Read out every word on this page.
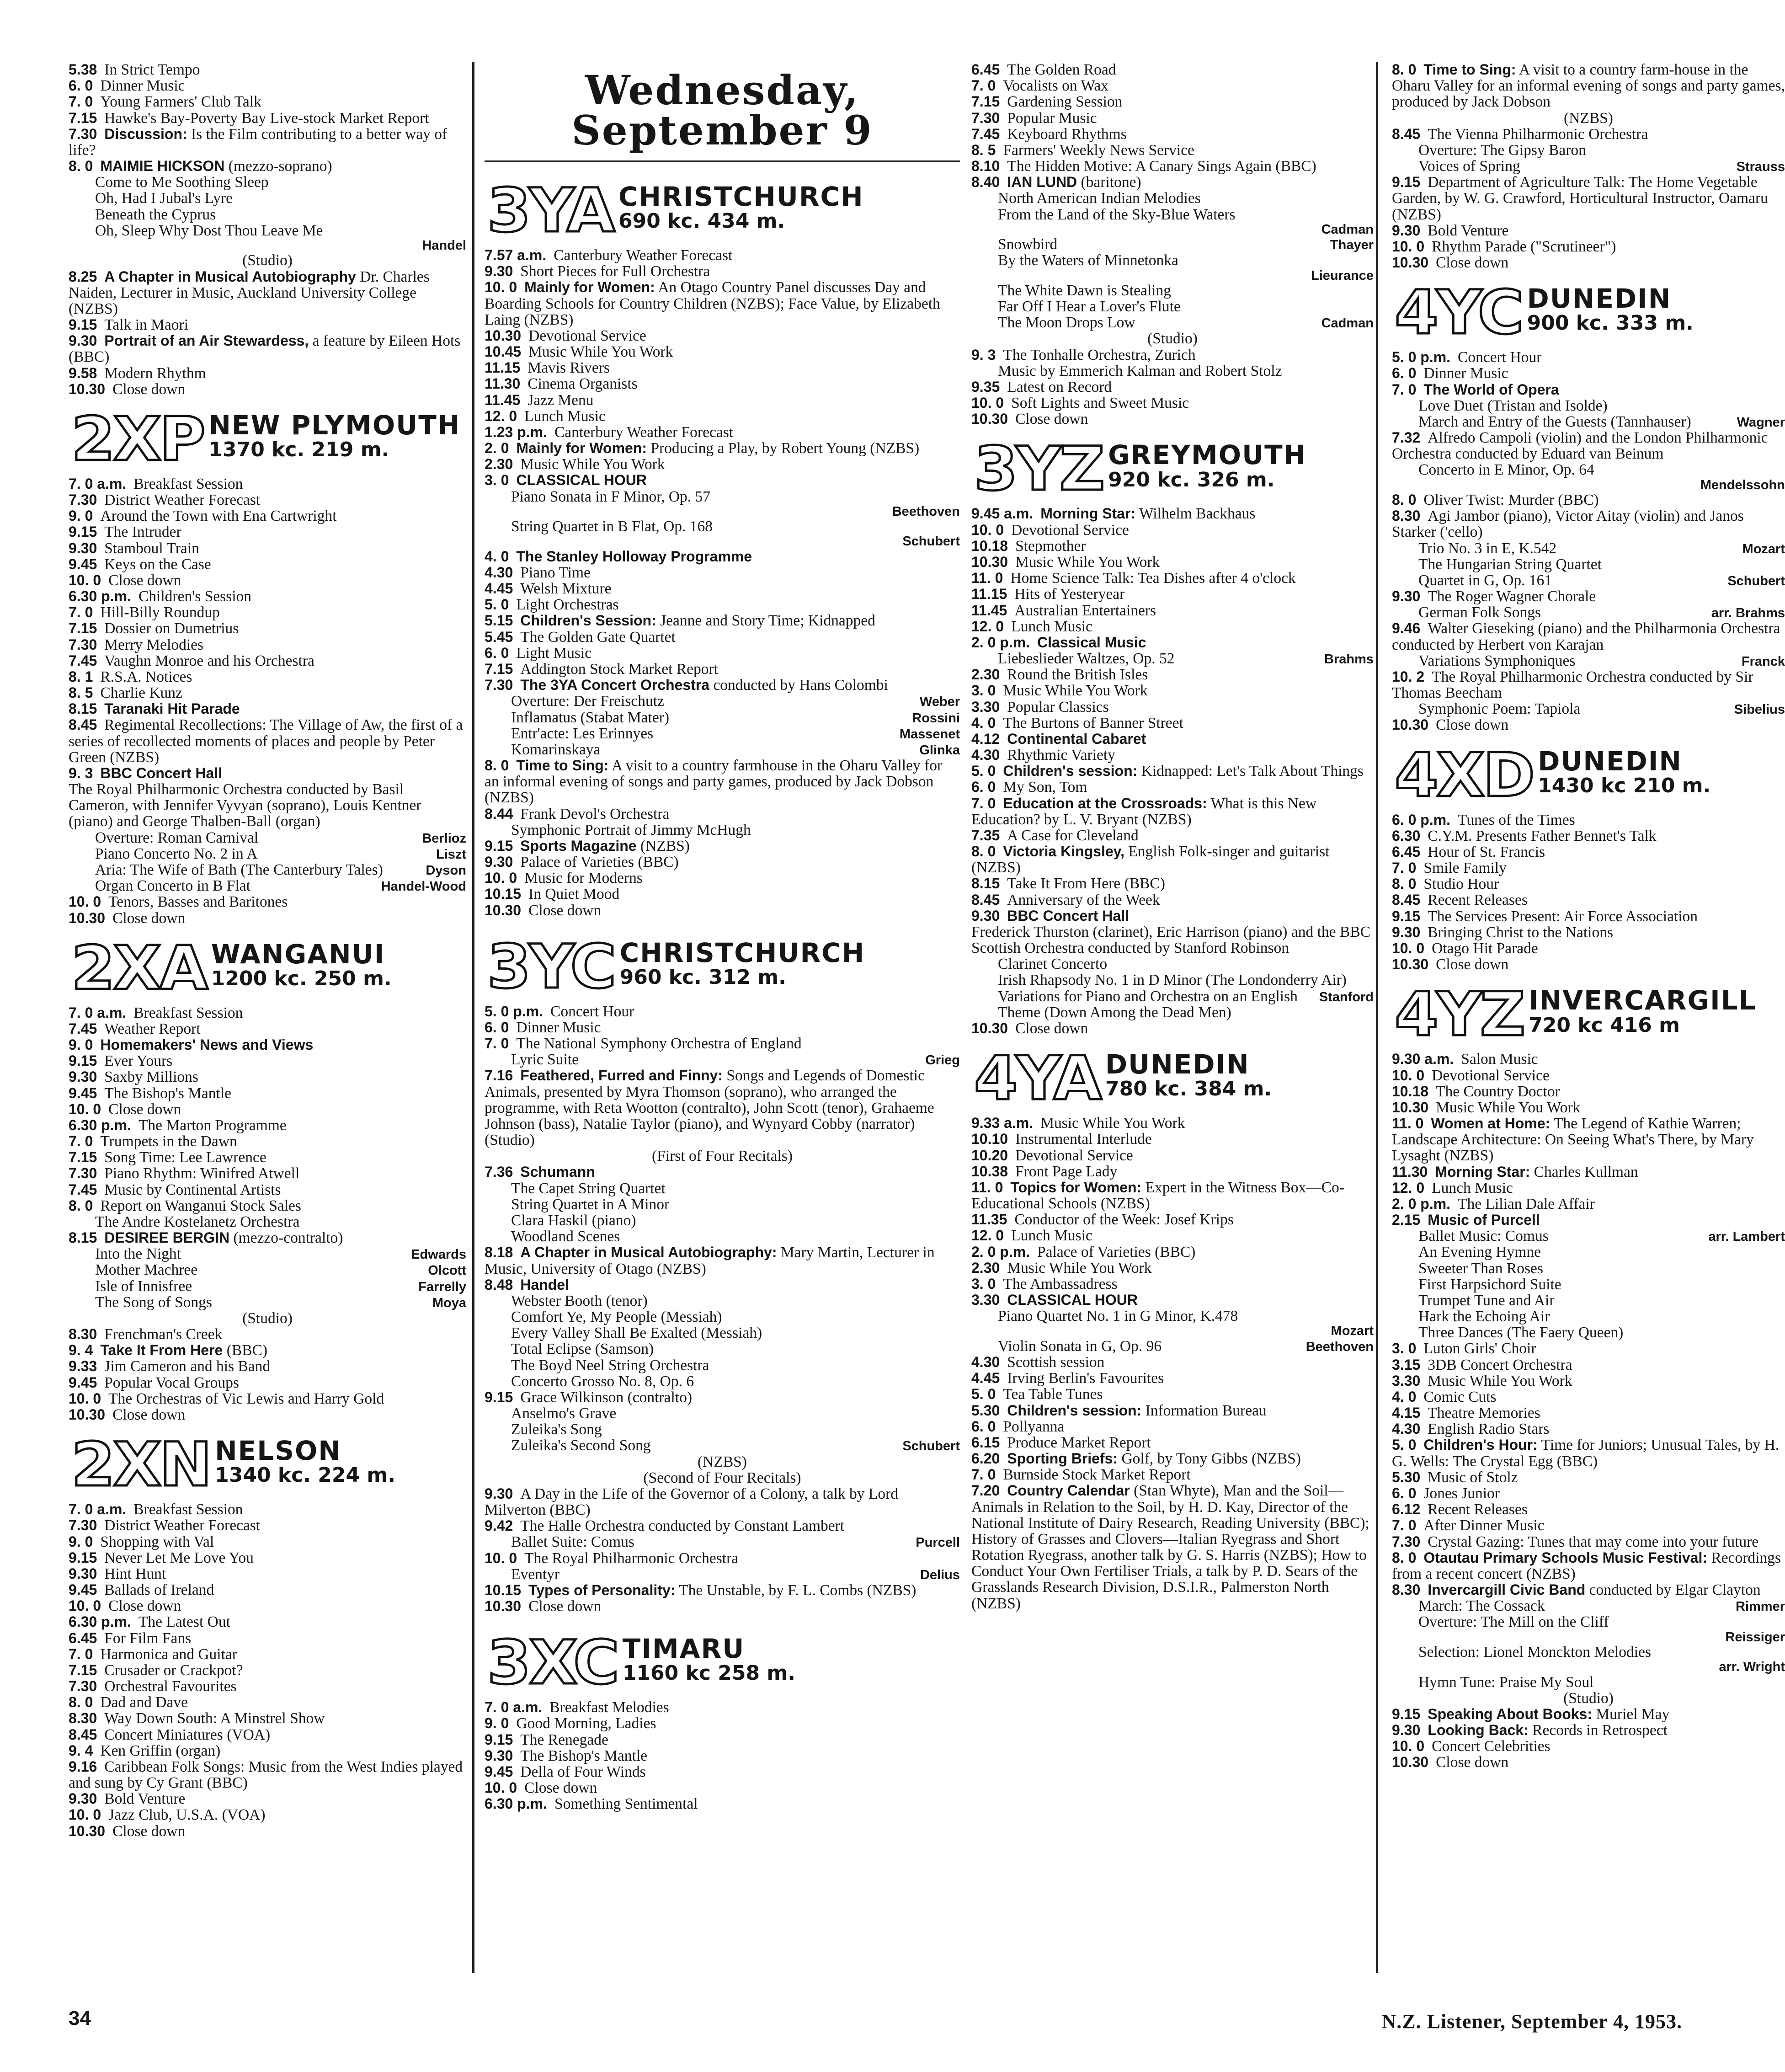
5.38 In Strict Tempo
6. 0 Dinner Music
7. 0 Young Farmers' Club Talk
7.15 Hawke's Bay-Poverty Bay Live-stock Market Report
7.30 Discussion: Is the Film contributing to a better way of life?
8. 0 MAIMIE HICKSON (mezzo-soprano)
Come to Me Soothing Sleep
Oh, Had I Jubal's Lyre
Beneath the Cyprus
Oh, Sleep Why Dost Thou Leave Me
Handel
(Studio)
8.25 A Chapter in Musical Autobiography Dr. Charles Naiden, Lecturer in Music, Auckland University College (NZBS)
9.15 Talk in Maori
9.30 Portrait of an Air Stewardess, a feature by Eileen Hots (BBC)
9.58 Modern Rhythm
10.30 Close down
2XP NEW PLYMOUTH
1370 kc. 219 m.
7. 0 a.m. Breakfast Session
7.30 District Weather Forecast
9. 0 Around the Town with Ena Cartwright
9.15 The Intruder
9.30 Stamboul Train
9.45 Keys on the Case
10. 0 Close down
6.30 p.m. Children's Session
7. 0 Hill-Billy Roundup
7.15 Dossier on Dumetrius
7.30 Merry Melodies
7.45 Vaughn Monroe and his Orchestra
8. 1 R.S.A. Notices
8. 5 Charlie Kunz
8.15 Taranaki Hit Parade
8.45 Regimental Recollections: The Village of Aw, the first of a series of recollected moments of places and people by Peter Green (NZBS)
9. 3 BBC Concert Hall
The Royal Philharmonic Orchestra conducted by Basil Cameron, with Jennifer Vyvyan (soprano), Louis Kentner (piano) and George Thalben-Ball (organ)
Berlioz
Overture: Roman Carnival
Liszt
Piano Concerto No. 2 in A
Dyson
Aria: The Wife of Bath (The Canterbury Tales)
Handel-Wood
Organ Concerto in B Flat
10. 0 Tenors, Basses and Baritones
10.30 Close down
2XA WANGANUI
1200 kc. 250 m.
7. 0 a.m. Breakfast Session
7.45 Weather Report
9. 0 Homemakers' News and Views
9.15 Ever Yours
9.30 Saxby Millions
9.45 The Bishop's Mantle
10. 0 Close down
6.30 p.m. The Marton Programme
7. 0 Trumpets in the Dawn
7.15 Song Time: Lee Lawrence
7.30 Piano Rhythm: Winifred Atwell
7.45 Music by Continental Artists
8. 0 Report on Wanganui Stock Sales
The Andre Kostelanetz Orchestra
8.15 DESIREE BERGIN (mezzo-contralto)
Edwards
Into the Night
Olcott
Mother Machree
Farrelly
Isle of Innisfree
Moya
The Song of Songs
(Studio)
8.30 Frenchman's Creek
9. 4 Take It From Here (BBC)
9.33 Jim Cameron and his Band
9.45 Popular Vocal Groups
10. 0 The Orchestras of Vic Lewis and Harry Gold
10.30 Close down
2XN NELSON
1340 kc. 224 m.
7. 0 a.m. Breakfast Session
7.30 District Weather Forecast
9. 0 Shopping with Val
9.15 Never Let Me Love You
9.30 Hint Hunt
9.45 Ballads of Ireland
10. 0 Close down
6.30 p.m. The Latest Out
6.45 For Film Fans
7. 0 Harmonica and Guitar
7.15 Crusader or Crackpot?
7.30 Orchestral Favourites
8. 0 Dad and Dave
8.30 Way Down South: A Minstrel Show
8.45 Concert Miniatures (VOA)
9. 4 Ken Griffin (organ)
9.16 Caribbean Folk Songs: Music from the West Indies played and sung by Cy Grant (BBC)
9.30 Bold Venture
10. 0 Jazz Club, U.S.A. (VOA)
10.30 Close down
Wednesday, September 9
3YA CHRISTCHURCH
690 kc. 434 m.
7.57 a.m. Canterbury Weather Forecast
9.30 Short Pieces for Full Orchestra
10. 0 Mainly for Women: An Otago Country Panel discusses Day and Boarding Schools for Country Children (NZBS); Face Value, by Elizabeth Laing (NZBS)
10.30 Devotional Service
10.45 Music While You Work
11.15 Mavis Rivers
11.30 Cinema Organists
11.45 Jazz Menu
12. 0 Lunch Music
1.23 p.m. Canterbury Weather Forecast
2. 0 Mainly for Women: Producing a Play, by Robert Young (NZBS)
2.30 Music While You Work
3. 0 CLASSICAL HOUR
Piano Sonata in F Minor, Op. 57
Beethoven
String Quartet in B Flat, Op. 168
Schubert
4. 0 The Stanley Holloway Programme
4.30 Piano Time
4.45 Welsh Mixture
5. 0 Light Orchestras
5.15 Children's Session: Jeanne and Story Time; Kidnapped
5.45 The Golden Gate Quartet
6. 0 Light Music
7.15 Addington Stock Market Report
7.30 The 3YA Concert Orchestra conducted by Hans Colombi
Weber
Overture: Der Freischutz
Rossini
Inflamatus (Stabat Mater)
Massenet
Entr'acte: Les Erinnyes
Glinka
Komarinskaya
8. 0 Time to Sing: A visit to a country farmhouse in the Oharu Valley for an informal evening of songs and party games, produced by Jack Dobson (NZBS)
8.44 Frank Devol's Orchestra
Symphonic Portrait of Jimmy McHugh
9.15 Sports Magazine (NZBS)
9.30 Palace of Varieties (BBC)
10. 0 Music for Moderns
10.15 In Quiet Mood
10.30 Close down
3YC CHRISTCHURCH
960 kc. 312 m.
5. 0 p.m. Concert Hour
6. 0 Dinner Music
7. 0 The National Symphony Orchestra of England
Grieg
Lyric Suite
7.16 Feathered, Furred and Finny: Songs and Legends of Domestic Animals, presented by Myra Thomson (soprano), who arranged the programme, with Reta Wootton (contralto), John Scott (tenor), Grahaeme Johnson (bass), Natalie Taylor (piano), and Wynyard Cobby (narrator) (Studio)
(First of Four Recitals)
7.36 Schumann
The Capet String Quartet
String Quartet in A Minor
Clara Haskil (piano)
Woodland Scenes
8.18 A Chapter in Musical Autobiography: Mary Martin, Lecturer in Music, University of Otago (NZBS)
8.48 Handel
Webster Booth (tenor)
Comfort Ye, My People (Messiah)
Every Valley Shall Be Exalted (Messiah)
Total Eclipse (Samson)
The Boyd Neel String Orchestra
Concerto Grosso No. 8, Op. 6
9.15 Grace Wilkinson (contralto)
Anselmo's Grave
Zuleika's Song
Schubert
Zuleika's Second Song
(NZBS)
(Second of Four Recitals)
9.30 A Day in the Life of the Governor of a Colony, a talk by Lord Milverton (BBC)
9.42 The Halle Orchestra conducted by Constant Lambert
Purcell
Ballet Suite: Comus
10. 0 The Royal Philharmonic Orchestra
Delius
Eventyr
10.15 Types of Personality: The Unstable, by F. L. Combs (NZBS)
10.30 Close down
3XC TIMARU
1160 kc 258 m.
7. 0 a.m. Breakfast Melodies
9. 0 Good Morning, Ladies
9.15 The Renegade
9.30 The Bishop's Mantle
9.45 Della of Four Winds
10. 0 Close down
6.30 p.m. Something Sentimental
6.45 The Golden Road
7. 0 Vocalists on Wax
7.15 Gardening Session
7.30 Popular Music
7.45 Keyboard Rhythms
8. 5 Farmers' Weekly News Service
8.10 The Hidden Motive: A Canary Sings Again (BBC)
8.40 IAN LUND (baritone)
North American Indian Melodies
From the Land of the Sky-Blue Waters
Cadman
Thayer
Snowbird
By the Waters of Minnetonka
Lieurance
The White Dawn is Stealing
Far Off I Hear a Lover's Flute
Cadman
The Moon Drops Low
(Studio)
9. 3 The Tonhalle Orchestra, Zurich
Music by Emmerich Kalman and Robert Stolz
9.35 Latest on Record
10. 0 Soft Lights and Sweet Music
10.30 Close down
3YZ GREYMOUTH
920 kc. 326 m.
9.45 a.m. Morning Star: Wilhelm Backhaus
10. 0 Devotional Service
10.18 Stepmother
10.30 Music While You Work
11. 0 Home Science Talk: Tea Dishes after 4 o'clock
11.15 Hits of Yesteryear
11.45 Australian Entertainers
12. 0 Lunch Music
2. 0 p.m. Classical Music
Brahms
Liebeslieder Waltzes, Op. 52
2.30 Round the British Isles
3. 0 Music While You Work
3.30 Popular Classics
4. 0 The Burtons of Banner Street
4.12 Continental Cabaret
4.30 Rhythmic Variety
5. 0 Children's session: Kidnapped: Let's Talk About Things
6. 0 My Son, Tom
7. 0 Education at the Crossroads: What is this New Education? by L. V. Bryant (NZBS)
7.35 A Case for Cleveland
8. 0 Victoria Kingsley, English Folk-singer and guitarist (NZBS)
8.15 Take It From Here (BBC)
8.45 Anniversary of the Week
9.30 BBC Concert Hall
Frederick Thurston (clarinet), Eric Harrison (piano) and the BBC Scottish Orchestra conducted by Stanford Robinson
Clarinet Concerto
Irish Rhapsody No. 1 in D Minor (The Londonderry Air)
Stanford
Variations for Piano and Orchestra on an English Theme (Down Among the Dead Men)
10.30 Close down
4YA DUNEDIN
780 kc. 384 m.
9.33 a.m. Music While You Work
10.10 Instrumental Interlude
10.20 Devotional Service
10.38 Front Page Lady
11. 0 Topics for Women: Expert in the Witness Box—Co-Educational Schools (NZBS)
11.35 Conductor of the Week: Josef Krips
12. 0 Lunch Music
2. 0 p.m. Palace of Varieties (BBC)
2.30 Music While You Work
3. 0 The Ambassadress
3.30 CLASSICAL HOUR
Piano Quartet No. 1 in G Minor, K.478
Mozart
Beethoven
Violin Sonata in G, Op. 96
4.30 Scottish session
4.45 Irving Berlin's Favourites
5. 0 Tea Table Tunes
5.30 Children's session: Information Bureau
6. 0 Pollyanna
6.15 Produce Market Report
6.20 Sporting Briefs: Golf, by Tony Gibbs (NZBS)
7. 0 Burnside Stock Market Report
7.20 Country Calendar (Stan Whyte), Man and the Soil—Animals in Relation to the Soil, by H. D. Kay, Director of the National Institute of Dairy Research, Reading University (BBC); History of Grasses and Clovers—Italian Ryegrass and Short Rotation Ryegrass, another talk by G. S. Harris (NZBS); How to Conduct Your Own Fertiliser Trials, a talk by P. D. Sears of the Grasslands Research Division, D.S.I.R., Palmerston North (NZBS)
8. 0 Time to Sing: A visit to a country farm-house in the Oharu Valley for an informal evening of songs and party games, produced by Jack Dobson
(NZBS)
8.45 The Vienna Philharmonic Orchestra
Overture: The Gipsy Baron
Strauss
Voices of Spring
9.15 Department of Agriculture Talk: The Home Vegetable Garden, by W. G. Crawford, Horticultural Instructor, Oamaru (NZBS)
9.30 Bold Venture
10. 0 Rhythm Parade ("Scrutineer")
10.30 Close down
4YC DUNEDIN
900 kc. 333 m.
5. 0 p.m. Concert Hour
6. 0 Dinner Music
7. 0 The World of Opera
Love Duet (Tristan and Isolde)
Wagner
March and Entry of the Guests (Tannhauser)
7.32 Alfredo Campoli (violin) and the London Philharmonic Orchestra conducted by Eduard van Beinum
Concerto in E Minor, Op. 64
Mendelssohn
8. 0 Oliver Twist: Murder (BBC)
8.30 Agi Jambor (piano), Victor Aitay (violin) and Janos Starker ('cello)
Mozart
Trio No. 3 in E, K.542
The Hungarian String Quartet
Schubert
Quartet in G, Op. 161
9.30 The Roger Wagner Chorale
arr. Brahms
German Folk Songs
9.46 Walter Gieseking (piano) and the Philharmonia Orchestra conducted by Herbert von Karajan
Franck
Variations Symphoniques
10. 2 The Royal Philharmonic Orchestra conducted by Sir Thomas Beecham
Sibelius
Symphonic Poem: Tapiola
10.30 Close down
4XD DUNEDIN
1430 kc 210 m.
6. 0 p.m. Tunes of the Times
6.30 C.Y.M. Presents Father Bennet's Talk
6.45 Hour of St. Francis
7. 0 Smile Family
8. 0 Studio Hour
8.45 Recent Releases
9.15 The Services Present: Air Force Association
9.30 Bringing Christ to the Nations
10. 0 Otago Hit Parade
10.30 Close down
4YZ INVERCARGILL
720 kc 416 m
9.30 a.m. Salon Music
10. 0 Devotional Service
10.18 The Country Doctor
10.30 Music While You Work
11. 0 Women at Home: The Legend of Kathie Warren; Landscape Architecture: On Seeing What's There, by Mary Lysaght (NZBS)
11.30 Morning Star: Charles Kullman
12. 0 Lunch Music
2. 0 p.m. The Lilian Dale Affair
2.15 Music of Purcell
arr. Lambert
Ballet Music: Comus
An Evening Hymne
Sweeter Than Roses
First Harpsichord Suite
Trumpet Tune and Air
Hark the Echoing Air
Three Dances (The Faery Queen)
3. 0 Luton Girls' Choir
3.15 3DB Concert Orchestra
3.30 Music While You Work
4. 0 Comic Cuts
4.15 Theatre Memories
4.30 English Radio Stars
5. 0 Children's Hour: Time for Juniors; Unusual Tales, by H. G. Wells: The Crystal Egg (BBC)
5.30 Music of Stolz
6. 0 Jones Junior
6.12 Recent Releases
7. 0 After Dinner Music
7.30 Crystal Gazing: Tunes that may come into your future
8. 0 Otautau Primary Schools Music Festival: Recordings from a recent concert (NZBS)
8.30 Invercargill Civic Band conducted by Elgar Clayton
Rimmer
March: The Cossack
Overture: The Mill on the Cliff
Reissiger
Selection: Lionel Monckton Melodies
arr. Wright
Hymn Tune: Praise My Soul
(Studio)
9.15 Speaking About Books: Muriel May
9.30 Looking Back: Records in Retrospect
10. 0 Concert Celebrities
10.30 Close down
34	N.Z. Listener, September 4, 1953.
